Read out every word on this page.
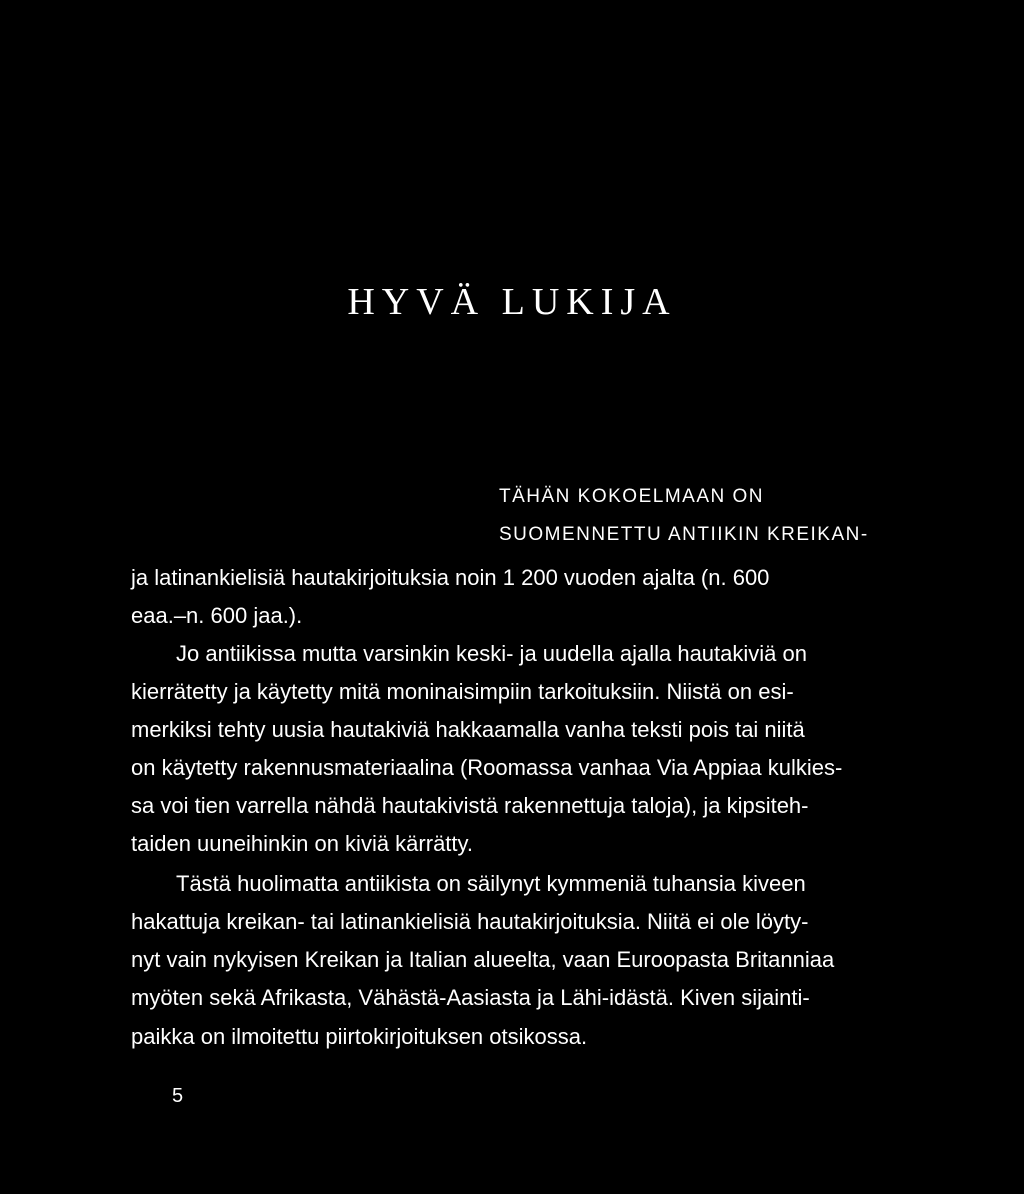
HYVÄ LUKIJA

TÄHÄN KOKOELMAAN ON

SUOMENNETTU ANTIIKIN KREIKAN-

ja latinankielisiä hautakirjoituksia noin 1 200 vuoden ajalta (n. 600

eaa.–n. 600 jaa.).

Jo antiikissa mutta varsinkin keski- ja uudella ajalla hautakiviä on

kierrätetty ja käytetty mitä moninaisimpiin tarkoituksiin. Niistä on esi-

merkiksi tehty uusia hautakiviä hakkaamalla vanha teksti pois tai niitä

on käytetty rakennusmateriaalina (Roomassa vanhaa Via Appiaa kulkies-

sa voi tien varrella nähdä hautakivistä rakennettuja taloja), ja kipsiteh-

taiden uuneihinkin on kiviä kärrätty.

Tästä huolimatta antiikista on säilynyt kymmeniä tuhansia kiveen

hakattuja kreikan- tai latinankielisiä hautakirjoituksia. Niitä ei ole löyty-

nyt vain nykyisen Kreikan ja Italian alueelta, vaan Euroopasta Britanniaa

myöten sekä Afrikasta, Vähästä-Aasiasta ja Lähi-idästä. Kiven sijainti-

paikka on ilmoitettu piirtokirjoituksen otsikossa.

5
